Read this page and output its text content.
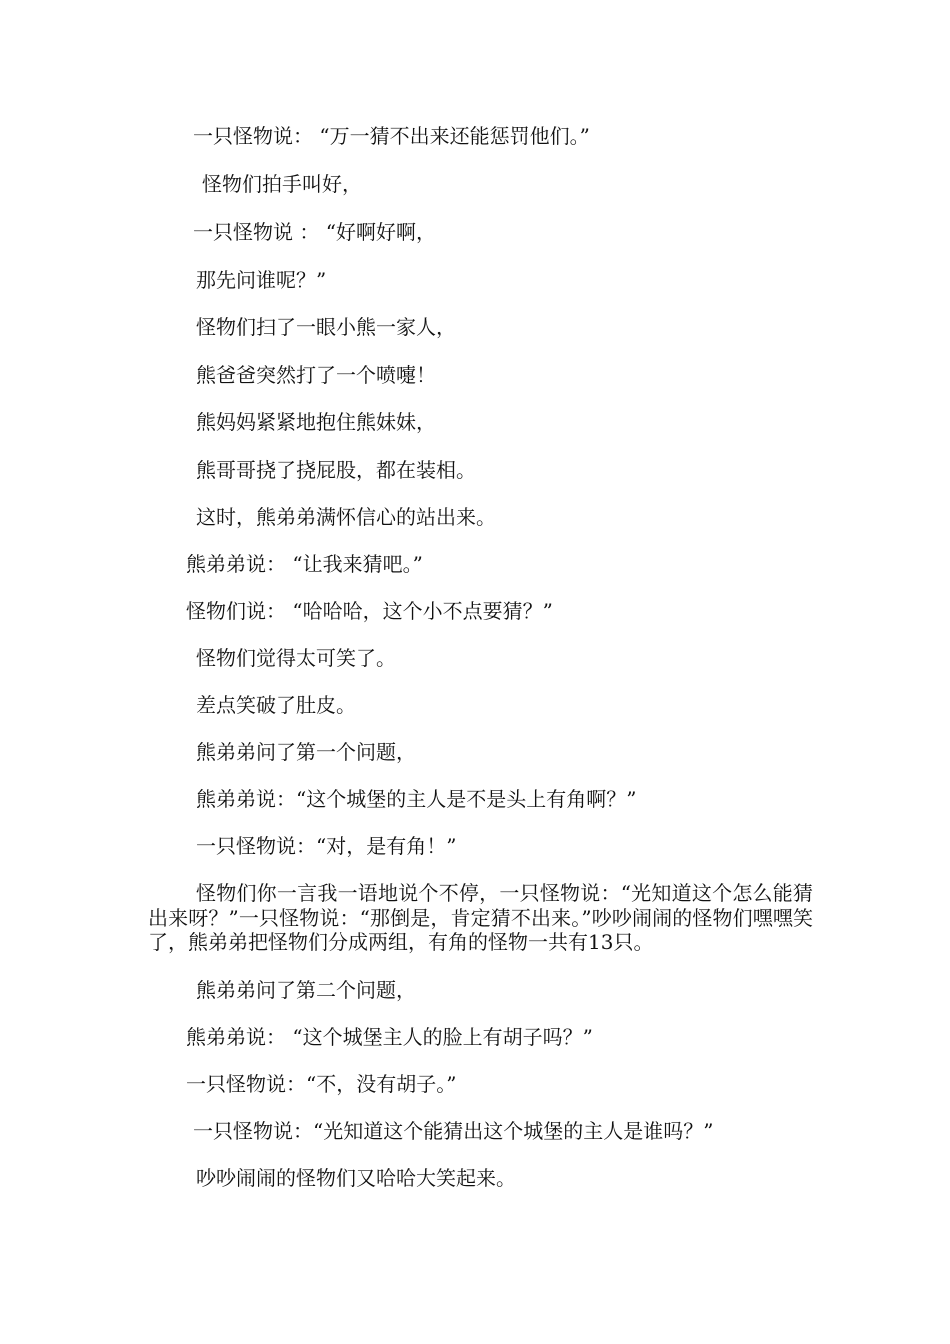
一只怪物说： “万一猜不出来还能惩罚他们。”

怪物们拍手叫好，

一只怪物说 ： “好啊好啊，

那先问谁呢？”

怪物们扫了一眼小熊一家人，

熊爸爸突然打了一个喷嚏！

熊妈妈紧紧地抱住熊妹妹，

熊哥哥挠了挠屁股，都在装相。

这时，熊弟弟满怀信心的站出来。

熊弟弟说： “让我来猜吧。”

怪物们说： “哈哈哈，这个小不点要猜？”

怪物们觉得太可笑了。

差点笑破了肚皮。

熊弟弟问了第一个问题，

熊弟弟说：“这个城堡的主人是不是头上有角啊？”

一只怪物说：“对，是有角！”

怪物们你一言我一语地说个不停，一只怪物说：“光知道这个怎么能猜出来呀？”一只怪物说：“那倒是，肯定猜不出来。”吵吵闹闹的怪物们嘿嘿笑了，熊弟弟把怪物们分成两组，有角的怪物一共有13只。

熊弟弟问了第二个问题，

熊弟弟说： “这个城堡主人的脸上有胡子吗？”

一只怪物说：“不，没有胡子。”

一只怪物说：“光知道这个能猜出这个城堡的主人是谁吗？”

吵吵闹闹的怪物们又哈哈大笑起来。
